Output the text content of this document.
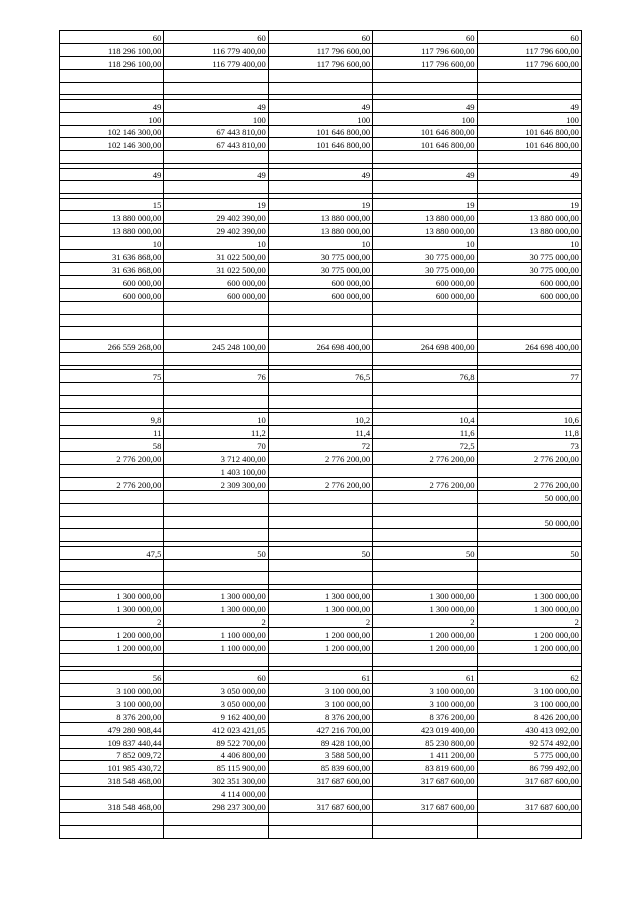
60	60	60	60	60
118 296 100,00	116 779 400,00	117 796 600,00	117 796 600,00	117 796 600,00
118 296 100,00	116 779 400,00	117 796 600,00	117 796 600,00	117 796 600,00

49	49	49	49	49
100	100	100	100	100
102 146 300,00	67 443 810,00	101 646 800,00	101 646 800,00	101 646 800,00
102 146 300,00	67 443 810,00	101 646 800,00	101 646 800,00	101 646 800,00

49	49	49	49	49

15	19	19	19	19
13 880 000,00	29 402 390,00	13 880 000,00	13 880 000,00	13 880 000,00
13 880 000,00	29 402 390,00	13 880 000,00	13 880 000,00	13 880 000,00
10	10	10	10	10
31 636 868,00	31 022 500,00	30 775 000,00	30 775 000,00	30 775 000,00
31 636 868,00	31 022 500,00	30 775 000,00	30 775 000,00	30 775 000,00
600 000,00	600 000,00	600 000,00	600 000,00	600 000,00
600 000,00	600 000,00	600 000,00	600 000,00	600 000,00

266 559 268,00	245 248 100,00	264 698 400,00	264 698 400,00	264 698 400,00

75	76	76,5	76,8	77

9,8	10	10,2	10,4	10,6
11	11,2	11,4	11,6	11,8
58	70	72	72,5	73
2 776 200,00	3 712 400,00	2 776 200,00	2 776 200,00	2 776 200,00
	1 403 100,00			
2 776 200,00	2 309 300,00	2 776 200,00	2 776 200,00	2 776 200,00
				50 000,00

				50 000,00

47,5	50	50	50	50

1 300 000,00	1 300 000,00	1 300 000,00	1 300 000,00	1 300 000,00
1 300 000,00	1 300 000,00	1 300 000,00	1 300 000,00	1 300 000,00
2	2	2	2	2
1 200 000,00	1 100 000,00	1 200 000,00	1 200 000,00	1 200 000,00
1 200 000,00	1 100 000,00	1 200 000,00	1 200 000,00	1 200 000,00

56	60	61	61	62
3 100 000,00	3 050 000,00	3 100 000,00	3 100 000,00	3 100 000,00
3 100 000,00	3 050 000,00	3 100 000,00	3 100 000,00	3 100 000,00
8 376 200,00	9 162 400,00	8 376 200,00	8 376 200,00	8 426 200,00
479 280 908,44	412 023 421,05	427 216 700,00	423 019 400,00	430 413 092,00
109 837 440,44	89 522 700,00	89 428 100,00	85 230 800,00	92 574 492,00
7 852 009,72	4 406 800,00	3 588 500,00	1 411 200,00	5 775 000,00
101 985 430,72	85 115 900,00	85 839 600,00	83 819 600,00	86 799 492,00
318 548 468,00	302 351 300,00	317 687 600,00	317 687 600,00	317 687 600,00
	4 114 000,00			
318 548 468,00	298 237 300,00	317 687 600,00	317 687 600,00	317 687 600,00
